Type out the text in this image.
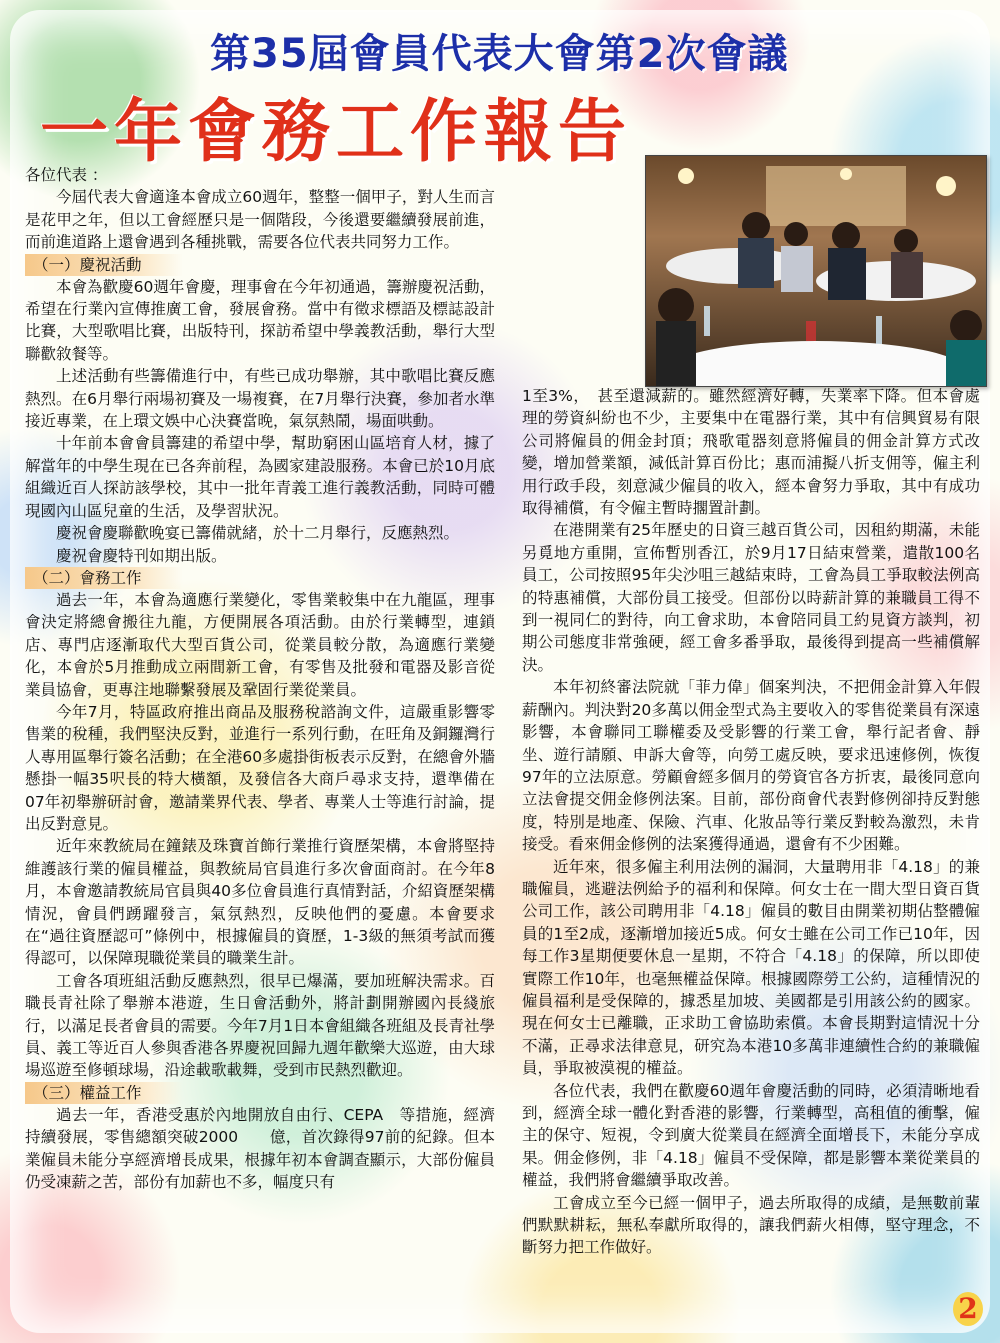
第35屆會員代表大會第2次會議
一年會務工作報告

各位代表 ：

今屆代表大會適逢本會成立60週年，整整一個甲子，對人生而言是花甲之年，但以工會經歷只是一個階段，今後還要繼續發展前進，而前進道路上還會遇到各種挑戰，需要各位代表共同努力工作。

（一）慶祝活動

本會為歡慶60週年會慶，理事會在今年初通過，籌辦慶祝活動，希望在行業內宣傳推廣工會，發展會務。當中有徵求標語及標誌設計比賽，大型歌唱比賽，出版特刊，探訪希望中學義教活動，舉行大型聯歡敘餐等。

上述活動有些籌備進行中，有些已成功舉辦，其中歌唱比賽反應熱烈。在6月舉行兩場初賽及一場複賽，在7月舉行決賽，參加者水準接近專業，在上環文娛中心決賽當晚，氣氛熱鬧，場面哄動。

十年前本會會員籌建的希望中學，幫助窮困山區培育人材，據了解當年的中學生現在已各奔前程，為國家建設服務。本會已於10月底組織近百人探訪該學校，其中一批年青義工進行義教活動，同時可體現國內山區兒童的生活，及學習狀況。

慶祝會慶聯歡晚宴已籌備就緒，於十二月舉行，反應熱烈。

慶祝會慶特刊如期出版。

（二）會務工作

過去一年，本會為適應行業變化，零售業較集中在九龍區，理事會決定將總會搬往九龍，方便開展各項活動。由於行業轉型，連鎖店、專門店逐漸取代大型百貨公司，從業員較分散，為適應行業變化，本會於5月推動成立兩間新工會，有零售及批發和電器及影音從業員協會，更專注地聯繫發展及鞏固行業從業員。

今年7月，特區政府推出商品及服務稅諮詢文件，這嚴重影響零售業的稅種，我們堅決反對，並進行一系列行動，在旺角及銅鑼灣行人專用區舉行簽名活動；在全港60多處掛街板表示反對，在總會外牆懸掛一幅35呎長的特大橫額，及發信各大商戶尋求支持，還準備在07年初舉辦研討會，邀請業界代表、學者、專業人士等進行討論，提出反對意見。

近年來教統局在鐘錶及珠寶首飾行業推行資歷架構，本會將堅持維護該行業的僱員權益，與教統局官員進行多次會面商討。在今年8月，本會邀請教統局官員與40多位會員進行真情對話，介紹資歷架構情況，會員們踴躍發言，氣氛熱烈，反映他們的憂慮。本會要求在“過往資歷認可”條例中，根據僱員的資歷，1-3級的無須考試而獲得認可，以保障現職從業員的職業生計。

工會各項班組活動反應熱烈，很早已爆滿，要加班解決需求。百職長青社除了舉辦本港遊，生日會活動外，將計劃開辦國內長綫旅行，以滿足長者會員的需要。今年7月1日本會組織各班組及長青社學員、義工等近百人參與香港各界慶祝回歸九週年歡樂大巡遊，由大球場巡遊至修頓球場，沿途載歌載舞，受到市民熱烈歡迎。

（三）權益工作

過去一年，香港受惠於內地開放自由行、CEPA　等措施，經濟持續發展，零售總額突破2000　　億，首次錄得97前的紀錄。但本業僱員未能分享經濟增長成果，根據年初本會調查顯示，大部份僱員仍受凍薪之苦，部份有加薪也不多，幅度只有

1至3%，　甚至還減薪的。雖然經濟好轉，失業率下降。但本會處理的勞資糾紛也不少，主要集中在電器行業，其中有信興貿易有限公司將僱員的佣金封頂；飛歌電器刻意將僱員的佣金計算方式改變，增加營業額，減低計算百份比；惠而浦擬八折支佣等，僱主利用行政手段，刻意減少僱員的收入，經本會努力爭取，其中有成功取得補償，有令僱主暫時擱置計劃。

在港開業有25年歷史的日資三越百貨公司，因租約期滿，未能另覓地方重開，宣佈暫別香江，於9月17日結束營業，遣散100名員工，公司按照95年尖沙咀三越結束時，工會為員工爭取較法例高的特惠補償，大部份員工接受。但部份以時薪計算的兼職員工得不到一視同仁的對待，向工會求助，本會陪同員工約見資方談判，初期公司態度非常強硬，經工會多番爭取，最後得到提高一些補償解決。

本年初終審法院就「菲力偉」個案判決，不把佣金計算入年假薪酬內。判決對20多萬以佣金型式為主要收入的零售從業員有深遠影響，本會聯同工聯權委及受影響的行業工會，舉行記者會、靜坐、遊行請願、申訴大會等，向勞工處反映，要求迅速修例，恢復97年的立法原意。勞顧會經多個月的勞資官各方折衷，最後同意向立法會提交佣金修例法案。目前，部份商會代表對修例卻持反對態度，特別是地產、保險、汽車、化妝品等行業反對較為激烈，未肯接受。看來佣金修例的法案獲得通過，還會有不少困難。

近年來，很多僱主利用法例的漏洞，大量聘用非「4.18」的兼職僱員，逃避法例給予的福利和保障。何女士在一間大型日資百貨公司工作，該公司聘用非「4.18」僱員的數目由開業初期佔整體僱員的1至2成，逐漸增加接近5成。何女士雖在公司工作已10年，因每工作3星期便要休息一星期，不符合「4.18」的保障，所以即使實際工作10年，也毫無權益保障。根據國際勞工公約，這種情況的僱員福利是受保障的，據悉星加坡、美國都是引用該公約的國家。現在何女士已離職，正求助工會協助索償。本會長期對這情況十分不滿，正尋求法律意見，研究為本港10多萬非連續性合約的兼職僱員，爭取被漠視的權益。

各位代表，我們在歡慶60週年會慶活動的同時，必須清晰地看到，經濟全球一體化對香港的影響，行業轉型，高租值的衝擊，僱主的保守、短視，令到廣大從業員在經濟全面增長下，未能分享成果。佣金修例，非「4.18」僱員不受保障，都是影響本業從業員的權益，我們將會繼續爭取改善。

工會成立至今已經一個甲子，過去所取得的成績，是無數前輩們默默耕耘，無私奉獻所取得的，讓我們薪火相傳，堅守理念，不斷努力把工作做好。

2
